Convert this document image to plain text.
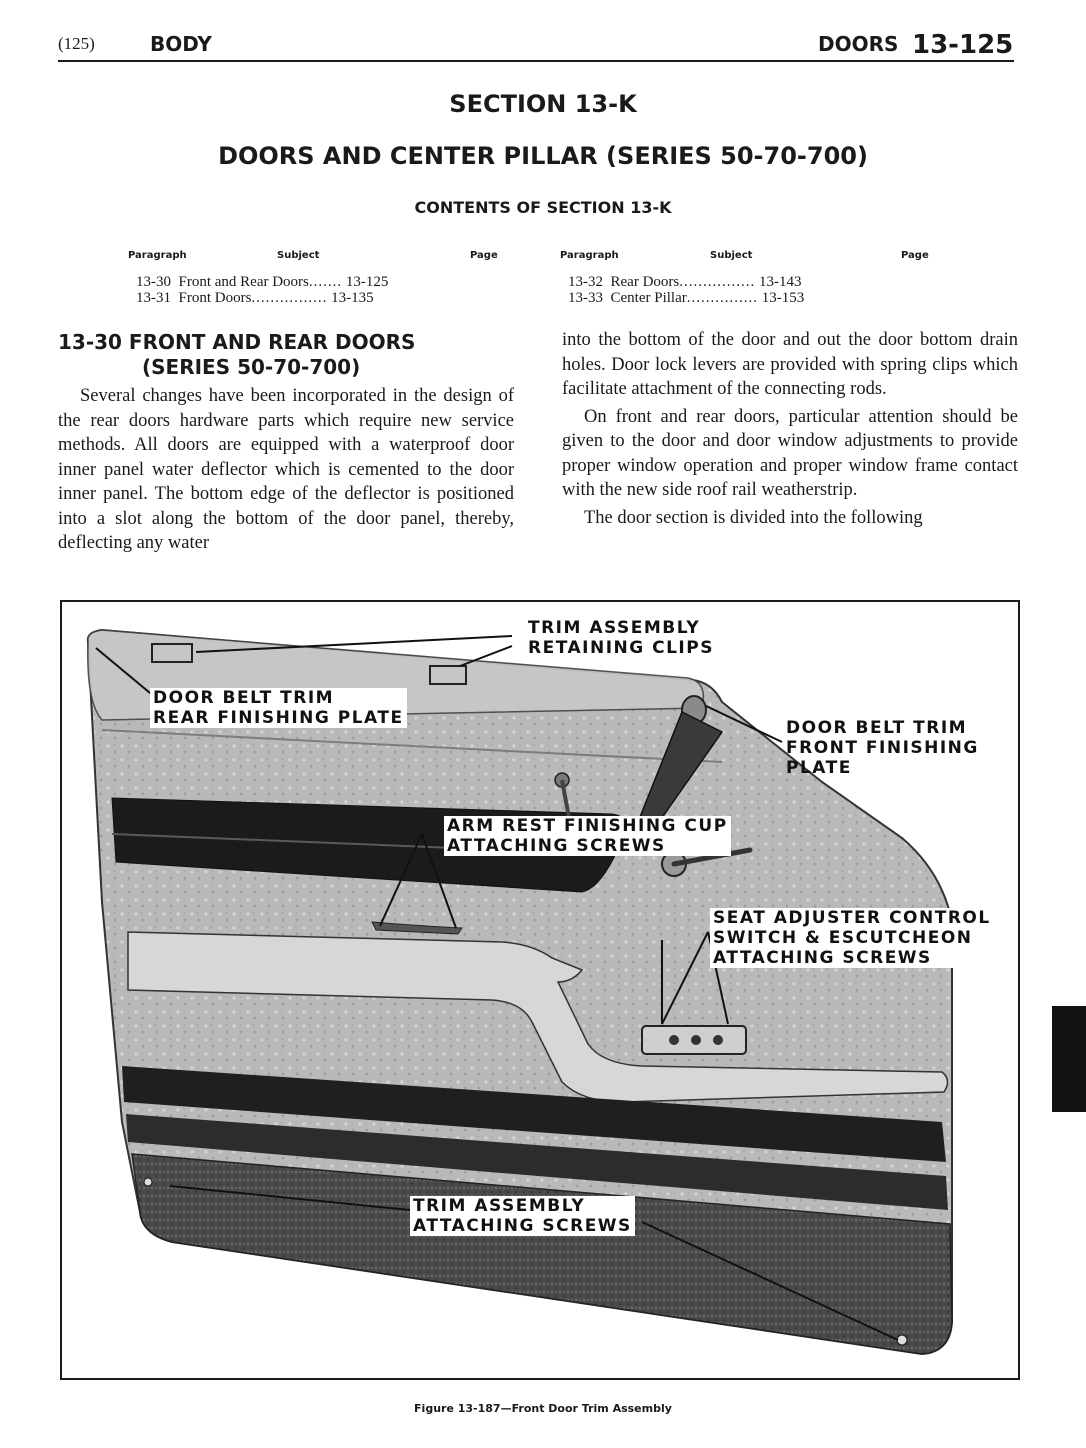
(125)	BODY	DOORS 13-125
SECTION 13-K
DOORS AND CENTER PILLAR (SERIES 50-70-700)
CONTENTS OF SECTION 13-K
Paragraph	Subject	Page	Paragraph	Subject	Page
13-30 Front and Rear Doors....... 13-125
13-31 Front Doors................ 13-135
13-32 Rear Doors................ 13-143
13-33 Center Pillar............... 13-153
13-30 FRONT AND REAR DOORS
(SERIES 50-70-700)

Several changes have been incorporated in the design of the rear doors hardware parts which require new service methods. All doors are equipped with a waterproof door inner panel water deflector which is cemented to the door inner panel. The bottom edge of the deflector is positioned into a slot along the bottom of the door panel, thereby, deflecting any water

into the bottom of the door and out the door bottom drain holes. Door lock levers are provided with spring clips which facilitate attachment of the connecting rods.

On front and rear doors, particular attention should be given to the door and door window adjustments to provide proper window operation and proper window frame contact with the new side roof rail weatherstrip.

The door section is divided into the following

TRIM ASSEMBLY
RETAINING CLIPS
DOOR BELT TRIM
REAR FINISHING PLATE	DOOR BELT TRIM
FRONT FINISHING
PLATE
ARM REST FINISHING CUP
ATTACHING SCREWS
SEAT ADJUSTER CONTROL
SWITCH & ESCUTCHEON
ATTACHING SCREWS
TRIM ASSEMBLY
ATTACHING SCREWS
Figure 13-187—Front Door Trim Assembly
